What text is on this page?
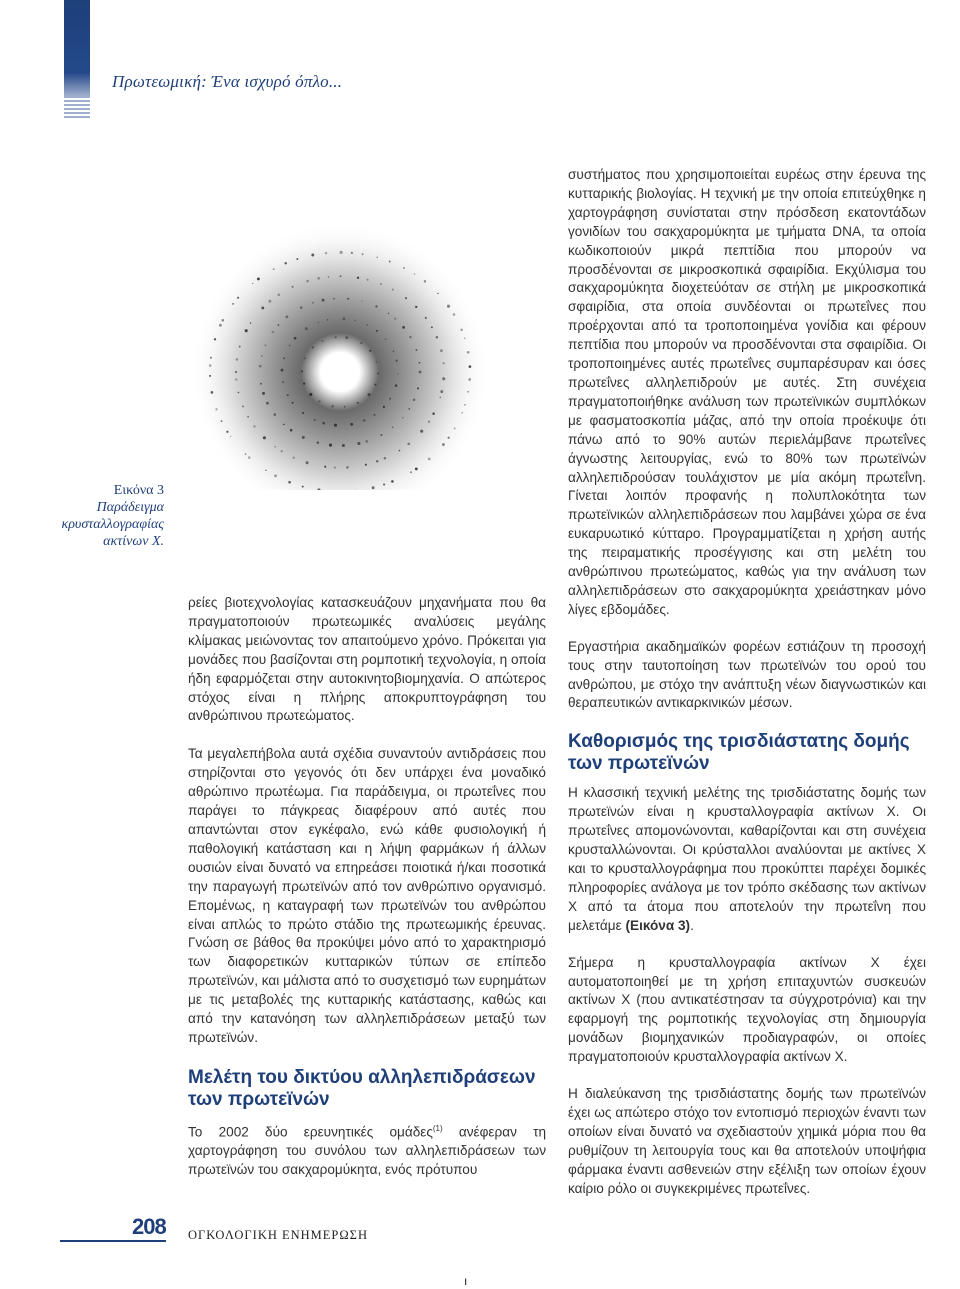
Πρωτεωμική: Ένα ισχυρό όπλο...
Εικόνα 3
Παράδειγμα κρυσταλλογραφίας ακτίνων Χ.

ρείες βιοτεχνολογίας κατασκευάζουν μηχανήματα που θα πραγματοποιούν πρωτεωμικές αναλύσεις μεγάλης κλίμακας μειώνοντας τον απαιτούμενο χρόνο. Πρόκειται για μονάδες που βασίζονται στη ρομποτική τεχνολογία, η οποία ήδη εφαρμόζεται στην αυτοκινητοβιομηχανία. Ο απώτερος στόχος είναι η πλήρης αποκρυπτογράφηση του ανθρώπινου πρωτεώματος.

Τα μεγαλεπήβολα αυτά σχέδια συναντούν αντιδράσεις που στηρίζονται στο γεγονός ότι δεν υπάρχει ένα μοναδικό αθρώπινο πρωτέωμα. Για παράδειγμα, οι πρωτεΐνες που παράγει το πάγκρεας διαφέρουν από αυτές που απαντώνται στον εγκέφαλο, ενώ κάθε φυσιολογική ή παθολογική κατάσταση και η λήψη φαρμάκων ή άλλων ουσιών είναι δυνατό να επηρεάσει ποιοτικά ή/και ποσοτικά την παραγωγή πρωτεϊνών από τον ανθρώπινο οργανισμό. Επομένως, η καταγραφή των πρωτεϊνών του ανθρώπου είναι απλώς το πρώτο στάδιο της πρωτεωμικής έρευνας. Γνώση σε βάθος θα προκύψει μόνο από το χαρακτηρισμό των διαφορετικών κυτταρικών τύπων σε επίπεδο πρωτεϊνών, και μάλιστα από το συσχετισμό των ευρημάτων με τις μεταβολές της κυτταρικής κατάστασης, καθώς και από την κατανόηση των αλληλεπιδράσεων μεταξύ των πρωτεϊνών.

Μελέτη του δικτύου αλληλεπιδράσεων των πρωτεϊνών

Το 2002 δύο ερευνητικές ομάδες$^{(1)}$ ανέφεραν τη χαρτογράφηση του συνόλου των αλληλεπιδράσεων των πρωτεϊνών του σακχαρομύκητα, ενός πρότυπου

συστήματος που χρησιμοποιείται ευρέως στην έρευνα της κυτταρικής βιολογίας. Η τεχνική με την οποία επιτεύχθηκε η χαρτογράφηση συνίσταται στην πρόσδεση εκατοντάδων γονιδίων του σακχαρομύκητα με τμήματα DNA, τα οποία κωδικοποιούν μικρά πεπτίδια που μπορούν να προσδένονται σε μικροσκοπικά σφαιρίδια. Εκχύλισμα του σακχαρομύκητα διοχετεύόταν σε στήλη με μικροσκοπικά σφαιρίδια, στα οποία συνδέονται οι πρωτεΐνες που προέρχονται από τα τροποποιημένα γονίδια και φέρουν πεπτίδια που μπορούν να προσδένονται στα σφαιρίδια. Οι τροποποιημένες αυτές πρωτεΐνες συμπαρέσυραν και όσες πρωτεΐνες αλληλεπιδρούν με αυτές. Στη συνέχεια πραγματοποιήθηκε ανάλυση των πρωτεϊνικών συμπλόκων με φασματοσκοπία μάζας, από την οποία προέκυψε ότι πάνω από το 90% αυτών περιελάμβανε πρωτεΐνες άγνωστης λειτουργίας, ενώ το 80% των πρωτεϊνών αλληλεπιδρούσαν τουλάχιστον με μία ακόμη πρωτεΐνη. Γίνεται λοιπόν προφανής η πολυπλοκότητα των πρωτεϊνικών αλληλεπιδράσεων που λαμβάνει χώρα σε ένα ευκαρυωτικό κύτταρο. Προγραμματίζεται η χρήση αυτής της πειραματικής προσέγγισης και στη μελέτη του ανθρώπινου πρωτεώματος, καθώς για την ανάλυση των αλληλεπιδράσεων στο σακχαρομύκητα χρειάστηκαν μόνο λίγες εβδομάδες.

Εργαστήρια ακαδημαϊκών φορέων εστιάζουν τη προσοχή τους στην ταυτοποίηση των πρωτεϊνών του ορού του ανθρώπου, με στόχο την ανάπτυξη νέων διαγνωστικών και θεραπευτικών αντικαρκινικών μέσων.

Καθορισμός της τρισδιάστατης δομής των πρωτεϊνών

Η κλασσική τεχνική μελέτης της τρισδιάστατης δομής των πρωτεϊνών είναι η κρυσταλλογραφία ακτίνων Χ. Οι πρωτεΐνες απομονώνονται, καθαρίζονται και στη συνέχεια κρυσταλλώνονται. Οι κρύσταλλοι αναλύονται με ακτίνες Χ και το κρυσταλλογράφημα που προκύπτει παρέχει δομικές πληροφορίες ανάλογα με τον τρόπο σκέδασης των ακτίνων Χ από τα άτομα που αποτελούν την πρωτεΐνη που μελετάμε (Εικόνα 3).

Σήμερα η κρυσταλλογραφία ακτίνων Χ έχει αυτοματοποιηθεί με τη χρήση επιταχυντών συσκευών ακτίνων Χ (που αντικατέστησαν τα σύγχροτρόνια) και την εφαρμογή της ρομποτικής τεχνολογίας στη δημιουργία μονάδων βιομηχανικών προδιαγραφών, οι οποίες πραγματοποιούν κρυσταλλογραφία ακτίνων Χ.

Η διαλεύκανση της τρισδιάστατης δομής των πρωτεϊνών έχει ως απώτερο στόχο τον εντοπισμό περιοχών έναντι των οποίων είναι δυνατό να σχεδιαστούν χημικά μόρια που θα ρυθμίζουν τη λειτουργία τους και θα αποτελούν υποψήφια φάρμακα έναντι ασθενειών στην εξέλιξη των οποίων έχουν καίριο ρόλο οι συγκεκριμένες πρωτεΐνες.

208 ΟΓΚΟΛΟΓΙΚΗ ΕΝΗΜΕΡΩΣΗ
ı
